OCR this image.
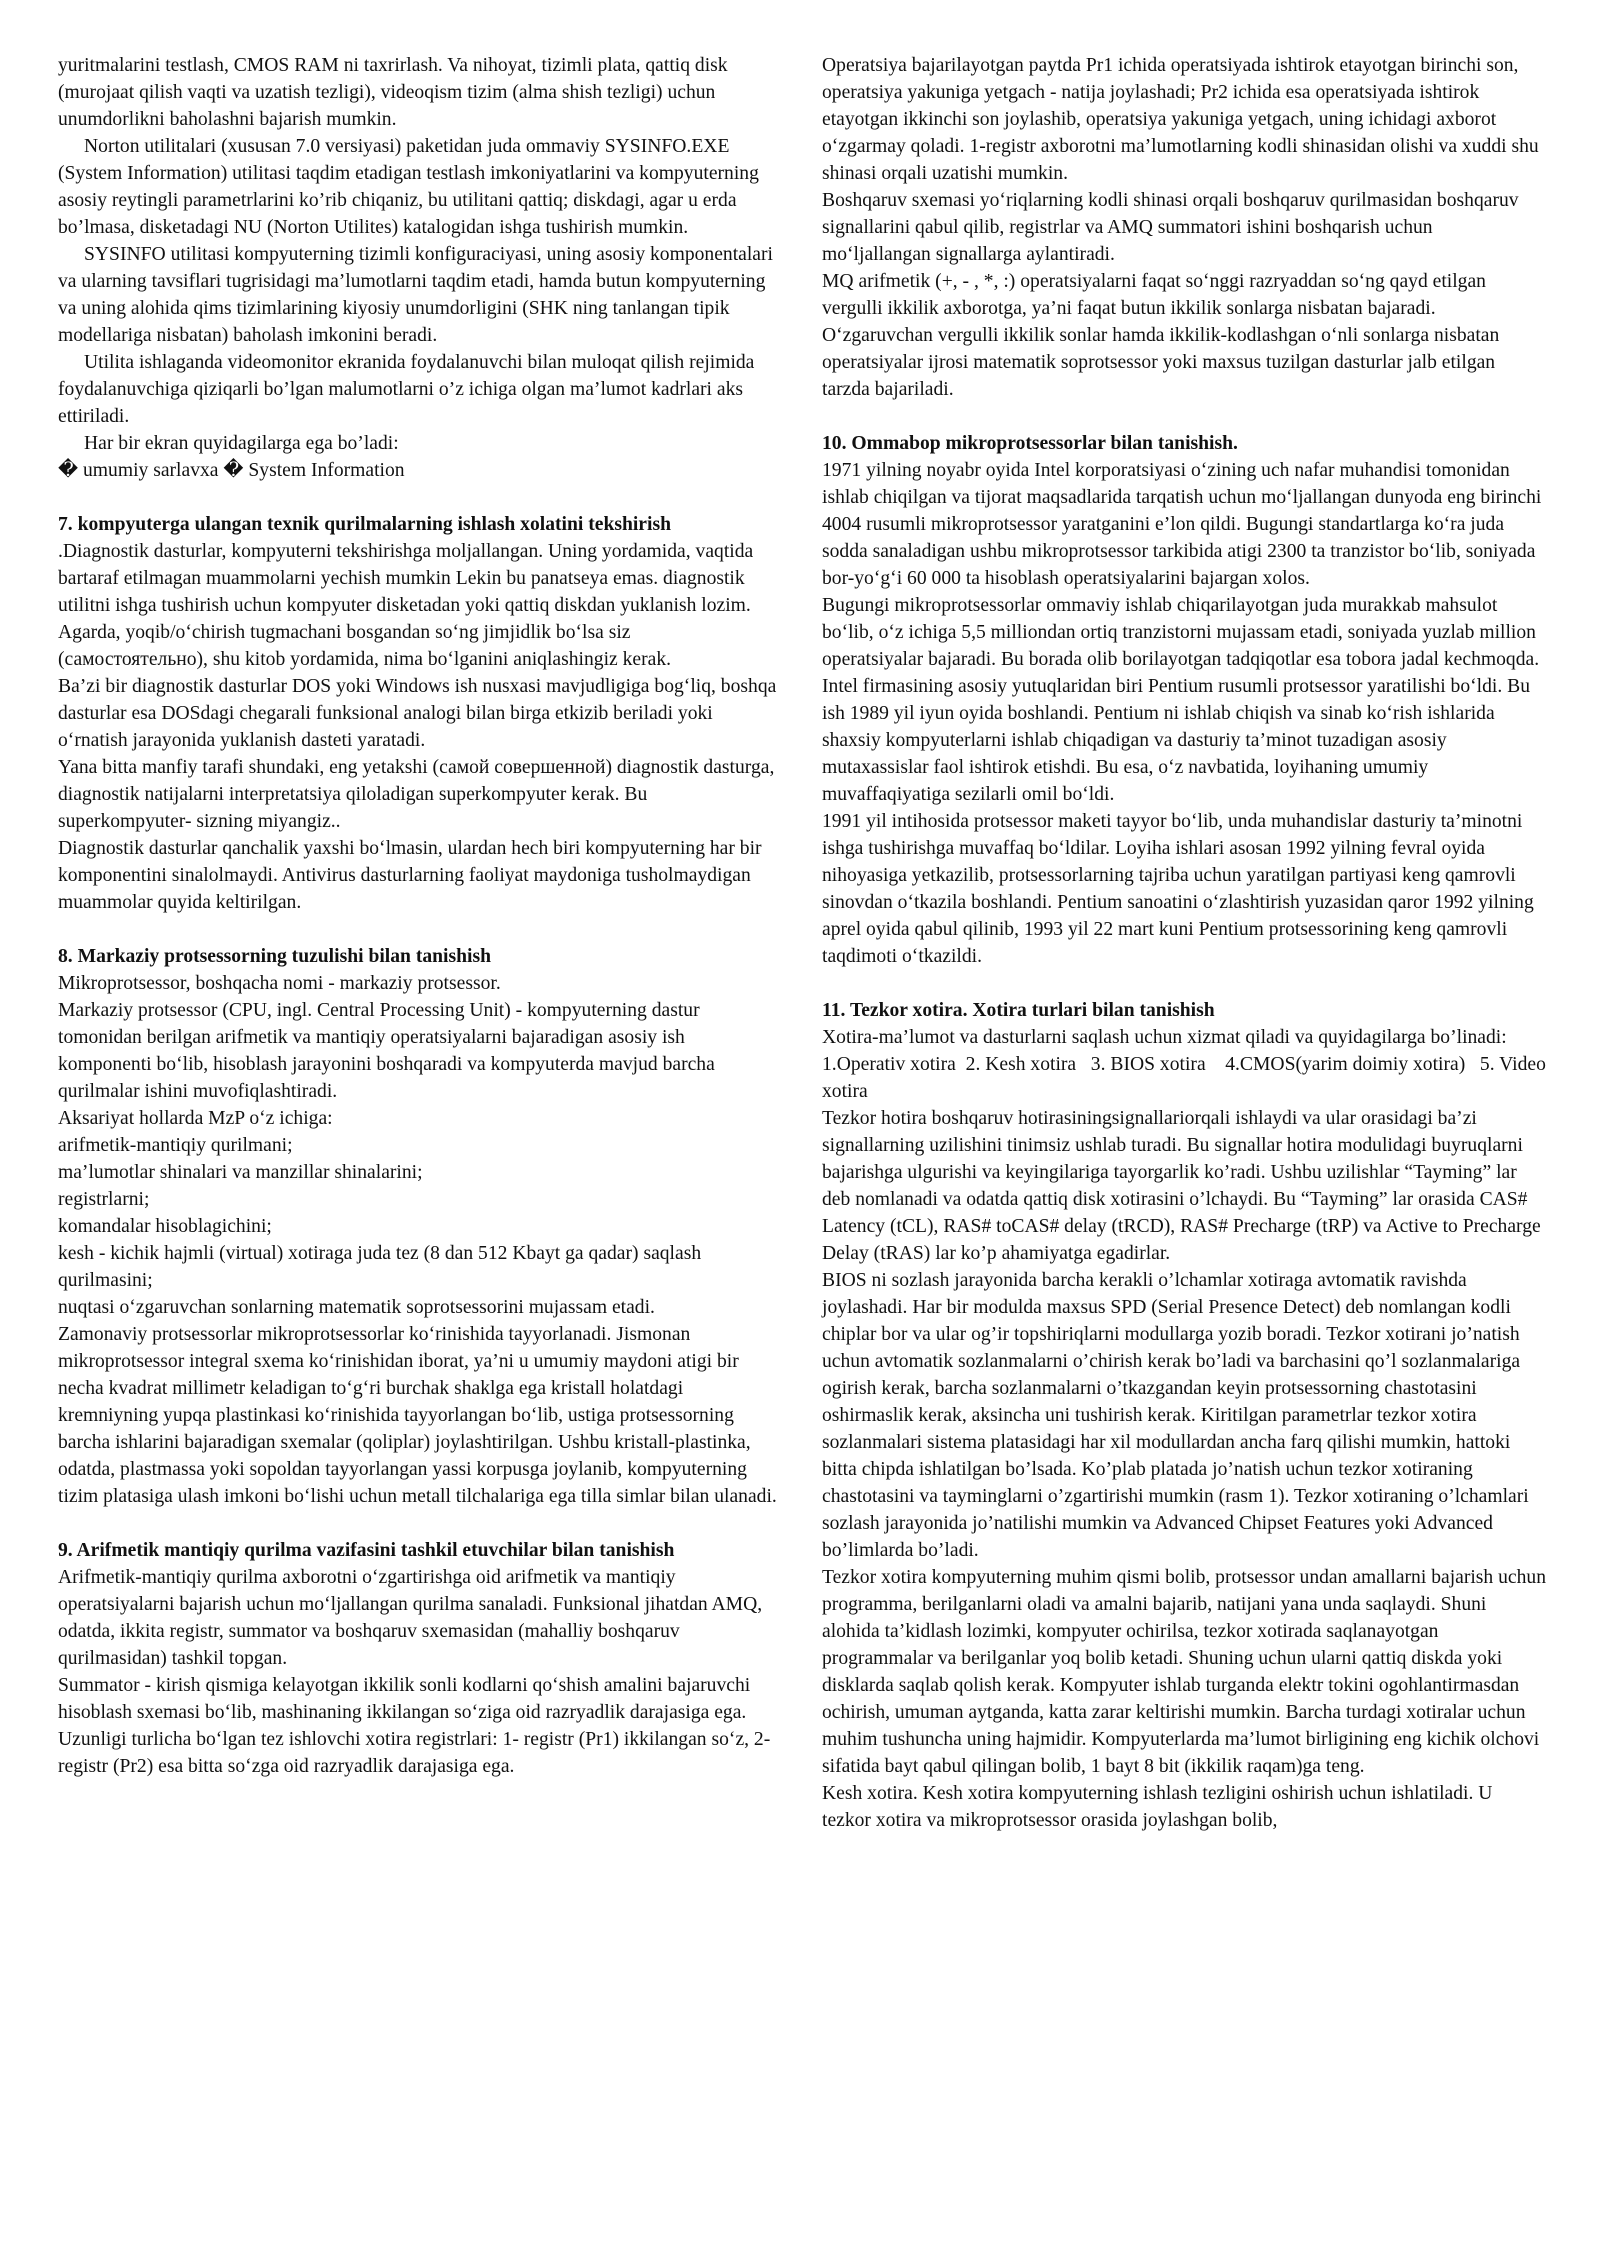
yuritmalarini testlash, CMOS RAM ni taxrirlash. Va nihoyat, tizimli plata, qattiq disk (murojaat qilish vaqti va uzatish tezligi), videoqism tizim (alma shish tezligi) uchun unumdorlikni baholashni bajarish mumkin.

Norton utilitalari (xususan 7.0 versiyasi) paketidan juda ommaviy SYSINFO.EXE (System Information) utilitasi taqdim etadigan testlash imkoniyatlarini va kompyuterning asosiy reytingli parametrlarini ko’rib chiqaniz, bu utilitani qattiq; diskdagi, agar u erda bo’lmasa, disketadagi NU (Norton Utilites) katalogidan ishga tushirish mumkin.

SYSINFO utilitasi kompyuterning tizimli konfiguraciyasi, uning asosiy komponentalari va ularning tavsiflari tugrisidagi ma’lumotlarni taqdim etadi, hamda butun kompyuterning va uning alohida qims tizimlarining kiyosiy unumdorligini (SHK ning tanlangan tipik modellariga nisbatan) baholash imkonini beradi.

Utilita ishlaganda videomonitor ekranida foydalanuvchi bilan muloqat qilish rejimida foydalanuvchiga qiziqarli bo’lgan malumotlarni o’z ichiga olgan ma’lumot kadrlari aks ettiriladi.

Har bir ekran quyidagilarga ega bo’ladi:

� umumiy sarlavxa � System Information

7. kompyuterga ulangan texnik qurilmalarning ishlash xolatini tekshirish

.Diagnostik dasturlar, kompyuterni tekshirishga moljallangan. Uning yordamida, vaqtida bartaraf etilmagan muammolarni yechish mumkin Lekin bu panatseya emas. diagnostik utilitni ishga tushirish uchun kompyuter disketadan yoki qattiq diskdan yuklanish lozim. Agarda, yoqib/o‘chirish tugmachani bosgandan so‘ng jimjidlik bo‘lsa siz (самостоятельно), shu kitob yordamida, nima bo‘lganini aniqlashingiz kerak.

Ba’zi bir diagnostik dasturlar DOS yoki Windows ish nusxasi mavjudligiga bog‘liq, boshqa dasturlar esa DOSdagi chegarali funksional analogi bilan birga etkizib beriladi yoki o‘rnatish jarayonida yuklanish dasteti yaratadi.

Yana bitta manfiy tarafi shundaki, eng yetakshi (самой совершенной) diagnostik dasturga, diagnostik natijalarni interpretatsiya qiloladigan superkompyuter kerak. Bu superkompyuter- sizning miyangiz..

Diagnostik dasturlar qanchalik yaxshi bo‘lmasin, ulardan hech biri kompyuterning har bir komponentini sinalolmaydi. Antivirus dasturlarning faoliyat maydoniga tusholmaydigan muammolar quyida keltirilgan.

8. Markaziy protsessorning tuzulishi bilan tanishish

Mikroprotsessor, boshqacha nomi - markaziy protsessor.

Markaziy protsessor (CPU, ingl. Central Processing Unit) - kompyuterning dastur tomonidan berilgan arifmetik va mantiqiy operatsiyalarni bajaradigan asosiy ish komponenti bo‘lib, hisoblash jarayonini boshqaradi va kompyuterda mavjud barcha qurilmalar ishini muvofiqlashtiradi.

Aksariyat hollarda MzP o‘z ichiga:

arifmetik-mantiqiy qurilmani;

ma’lumotlar shinalari va manzillar shinalarini;

registrlarni;

komandalar hisoblagichini;

kesh - kichik hajmli (virtual) xotiraga juda tez (8 dan 512 Kbayt ga qadar) saqlash qurilmasini;

nuqtasi o‘zgaruvchan sonlarning matematik soprotsessorini mujassam etadi.

Zamonaviy protsessorlar mikroprotsessorlar ko‘rinishida tayyorlanadi. Jismonan mikroprotsessor integral sxema ko‘rinishidan iborat, ya’ni u umumiy maydoni atigi bir necha kvadrat millimetr keladigan to‘g‘ri burchak shaklga ega kristall holatdagi kremniyning yupqa plastinkasi ko‘rinishida tayyorlangan bo‘lib, ustiga protsessorning barcha ishlarini bajaradigan sxemalar (qoliplar) joylashtirilgan. Ushbu kristall-plastinka, odatda, plastmassa yoki sopoldan tayyorlangan yassi korpusga joylanib, kompyuterning tizim platasiga ulash imkoni bo‘lishi uchun metall tilchalariga ega tilla simlar bilan ulanadi.

9. Arifmetik mantiqiy qurilma vazifasini tashkil etuvchilar bilan tanishish

Arifmetik-mantiqiy qurilma axborotni o‘zgartirishga oid arifmetik va mantiqiy operatsiyalarni bajarish uchun mo‘ljallangan qurilma sanaladi. Funksional jihatdan AMQ, odatda, ikkita registr, summator va boshqaruv sxemasidan (mahalliy boshqaruv qurilmasidan) tashkil topgan.

Summator - kirish qismiga kelayotgan ikkilik sonli kodlarni qo‘shish amalini bajaruvchi hisoblash sxemasi bo‘lib, mashinaning ikkilangan so‘ziga oid razryadlik darajasiga ega.

Uzunligi turlicha bo‘lgan tez ishlovchi xotira registrlari: 1- registr (Pr1) ikkilangan so‘z, 2- registr (Pr2) esa bitta so‘zga oid razryadlik darajasiga ega.

Operatsiya bajarilayotgan paytda Pr1 ichida operatsiyada ishtirok etayotgan birinchi son, operatsiya yakuniga yetgach - natija joylashadi; Pr2 ichida esa operatsiyada ishtirok etayotgan ikkinchi son joylashib, operatsiya yakuniga yetgach, uning ichidagi axborot o‘zgarmay qoladi. 1-registr axborotni ma’lumotlarning kodli shinasidan olishi va xuddi shu shinasi orqali uzatishi mumkin.

Boshqaruv sxemasi yo‘riqlarning kodli shinasi orqali boshqaruv qurilmasidan boshqaruv signallarini qabul qilib, registrlar va AMQ summatori ishini boshqarish uchun mo‘ljallangan signallarga aylantiradi.

MQ arifmetik (+, - , *, :) operatsiyalarni faqat so‘nggi razryaddan so‘ng qayd etilgan vergulli ikkilik axborotga, ya’ni faqat butun ikkilik sonlarga nisbatan bajaradi.

O‘zgaruvchan vergulli ikkilik sonlar hamda ikkilik-kodlashgan o‘nli sonlarga nisbatan operatsiyalar ijrosi matematik soprotsessor yoki maxsus tuzilgan dasturlar jalb etilgan tarzda bajariladi.

10. Ommabop mikroprotsessorlar bilan tanishish.

1971 yilning noyabr oyida Intel korporatsiyasi o‘zining uch nafar muhandisi tomonidan ishlab chiqilgan va tijorat maqsadlarida tarqatish uchun mo‘ljallangan dunyoda eng birinchi 4004 rusumli mikroprotsessor yaratganini e’lon qildi. Bugungi standartlarga ko‘ra juda sodda sanaladigan ushbu mikroprotsessor tarkibida atigi 2300 ta tranzistor bo‘lib, soniyada bor-yo‘g‘i 60 000 ta hisoblash operatsiyalarini bajargan xolos.

Bugungi mikroprotsessorlar ommaviy ishlab chiqarilayotgan juda murakkab mahsulot bo‘lib, o‘z ichiga 5,5 milliondan ortiq tranzistorni mujassam etadi, soniyada yuzlab million operatsiyalar bajaradi. Bu borada olib borilayotgan tadqiqotlar esa tobora jadal kechmoqda. Intel firmasining asosiy yutuqlaridan biri Pentium rusumli protsessor yaratilishi bo‘ldi. Bu ish 1989 yil iyun oyida boshlandi. Pentium ni ishlab chiqish va sinab ko‘rish ishlarida shaxsiy kompyuterlarni ishlab chiqadigan va dasturiy ta’minot tuzadigan asosiy mutaxassislar faol ishtirok etishdi. Bu esa, o‘z navbatida, loyihaning umumiy muvaffaqiyatiga sezilarli omil bo‘ldi.

1991 yil intihosida protsessor maketi tayyor bo‘lib, unda muhandislar dasturiy ta’minotni ishga tushirishga muvaffaq bo‘ldilar. Loyiha ishlari asosan 1992 yilning fevral oyida nihoyasiga yetkazilib, protsessorlarning tajriba uchun yaratilgan partiyasi keng qamrovli sinovdan o‘tkazila boshlandi. Pentium sanoatini o‘zlashtirish yuzasidan qaror 1992 yilning aprel oyida qabul qilinib, 1993 yil 22 mart kuni Pentium protsessorining keng qamrovli taqdimoti o‘tkazildi.

11. Tezkor xotira. Xotira turlari bilan tanishish

Xotira-ma’lumot va dasturlarni saqlash uchun xizmat qiladi va quyidagilarga bo’linadi:

1.Operativ xotira  2. Kesh xotira   3. BIOS xotira    4.CMOS(yarim doimiy xotira)   5. Video xotira

Tezkor hotira boshqaruv hotirasiningsignallariorqali ishlaydi va ular orasidagi ba’zi signallarning uzilishini tinimsiz ushlab turadi. Bu signallar hotira modulidagi buyruqlarni bajarishga ulgurishi va keyingilariga tayorgarlik ko’radi. Ushbu uzilishlar “Tayming” lar deb nomlanadi va odatda qattiq disk xotirasini o’lchaydi. Bu “Tayming” lar orasida CAS# Latency (tCL), RAS# toCAS# delay (tRCD), RAS# Precharge (tRP) va Active to Precharge Delay (tRAS) lar ko’p ahamiyatga egadirlar.

BIOS ni sozlash jarayonida barcha kerakli o’lchamlar xotiraga avtomatik ravishda joylashadi. Har bir modulda maxsus SPD (Serial Presence Detect) deb nomlangan kodli chiplar bor va ular og’ir topshiriqlarni modullarga yozib boradi. Tezkor xotirani jo’natish uchun avtomatik sozlanmalarni o’chirish kerak bo’ladi va barchasini qo’l sozlanmalariga ogirish kerak, barcha sozlanmalarni o’tkazgandan keyin protsessorning chastotasini oshirmaslik kerak, aksincha uni tushirish kerak. Kiritilgan parametrlar tezkor xotira sozlanmalari sistema platasidagi har xil modullardan ancha farq qilishi mumkin, hattoki bitta chipda ishlatilgan bo’lsada. Ko’plab platada jo’natish uchun tezkor xotiraning chastotasini va tayminglarni o’zgartirishi mumkin (rasm 1). Tezkor xotiraning o’lchamlari sozlash jarayonida jo’natilishi mumkin va Advanced Chipset Features yoki Advanced bo’limlarda bo’ladi.

Tezkor xotira kompyuterning muhim qismi bolib, protsessor undan amallarni bajarish uchun programma, berilganlarni oladi va amalni bajarib, natijani yana unda saqlaydi. Shuni alohida ta’kidlash lozimki, kompyuter ochirilsa, tezkor xotirada saqlanayotgan programmalar va berilganlar yoq bolib ketadi. Shuning uchun ularni qattiq diskda yoki disklarda saqlab qolish kerak. Kompyuter ishlab turganda elektr tokini ogohlantirmasdan ochirish, umuman aytganda, katta zarar keltirishi mumkin. Barcha turdagi xotiralar uchun muhim tushuncha uning hajmidir. Kompyuterlarda ma’lumot birligining eng kichik olchovi sifatida bayt qabul qilingan bolib, 1 bayt 8 bit (ikkilik raqam)ga teng.

Kesh xotira. Kesh xotira kompyuterning ishlash tezligini oshirish uchun ishlatiladi. U tezkor xotira va mikroprotsessor orasida joylashgan bolib,
